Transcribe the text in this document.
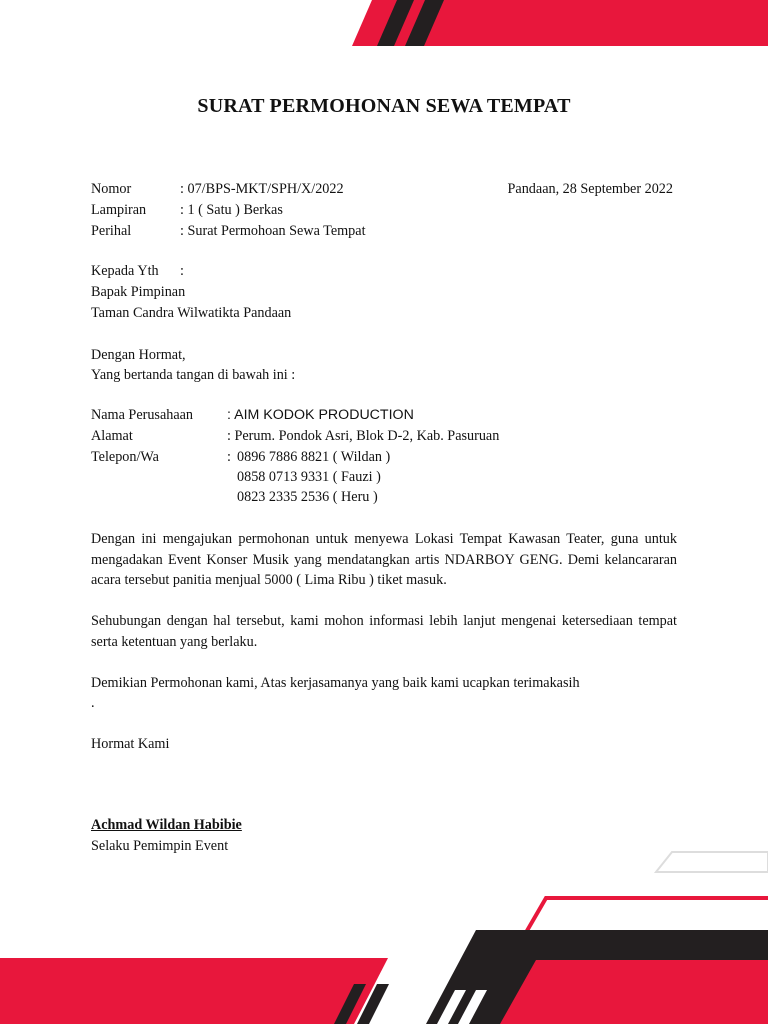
SURAT PERMOHONAN SEWA TEMPAT
Nomor	: 07/BPS-MKT/SPH/X/2022
Lampiran : 1 ( Satu ) Berkas
Perihal	: Surat Permohoan Sewa Tempat
Pandaan, 28 September 2022
Kepada Yth :
Bapak Pimpinan
Taman Candra Wilwatikta Pandaan
Dengan Hormat,
Yang bertanda tangan di bawah ini :
Nama Perusahaan : AIM KODOK PRODUCTION
Alamat	: Perum. Pondok Asri, Blok D-2, Kab. Pasuruan
Telepon/Wa	: 0896 7886 8821 ( Wildan )
0858 0713 9331 ( Fauzi )
0823 2335 2536 ( Heru )
Dengan ini mengajukan permohonan untuk menyewa Lokasi Tempat Kawasan Teater, guna untuk mengadakan Event Konser Musik yang mendatangkan artis NDARBOY GENG. Demi kelancararan acara tersebut panitia menjual 5000 ( Lima Ribu ) tiket masuk.
Sehubungan dengan hal tersebut, kami mohon informasi lebih lanjut mengenai ketersediaan tempat serta ketentuan yang berlaku.
Demikian Permohonan kami, Atas kerjasamanya yang baik kami ucapkan terimakasih
.
Hormat Kami
Achmad Wildan Habibie
Selaku Pemimpin Event
